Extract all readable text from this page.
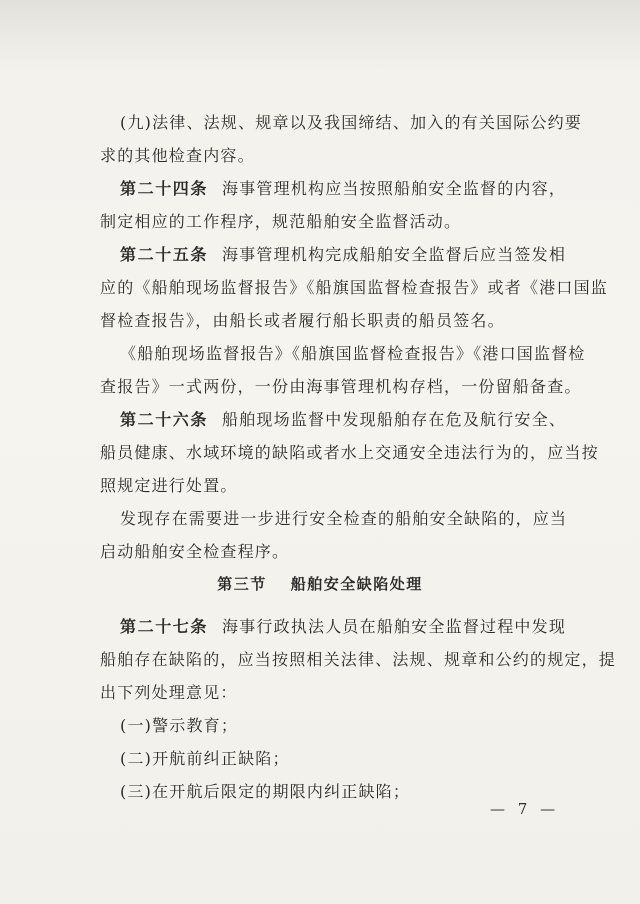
(九)法律、法规、规章以及我国缔结、加入的有关国际公约要
求的其他检查内容。
第二十四条 海事管理机构应当按照船舶安全监督的内容，
制定相应的工作程序，规范船舶安全监督活动。
第二十五条 海事管理机构完成船舶安全监督后应当签发相
应的《船舶现场监督报告》《船旗国监督检查报告》或者《港口国监
督检查报告》，由船长或者履行船长职责的船员签名。
《船舶现场监督报告》《船旗国监督检查报告》《港口国监督检
查报告》一式两份，一份由海事管理机构存档，一份留船备查。
第二十六条 船舶现场监督中发现船舶存在危及航行安全、
船员健康、水域环境的缺陷或者水上交通安全违法行为的，应当按
照规定进行处置。
发现存在需要进一步进行安全检查的船舶安全缺陷的，应当
启动船舶安全检查程序。
第三节 船舶安全缺陷处理
第二十七条 海事行政执法人员在船舶安全监督过程中发现
船舶存在缺陷的，应当按照相关法律、法规、规章和公约的规定，提
出下列处理意见：
(一)警示教育；
(二)开航前纠正缺陷；
(三)在开航后限定的期限内纠正缺陷；
— 7 —
